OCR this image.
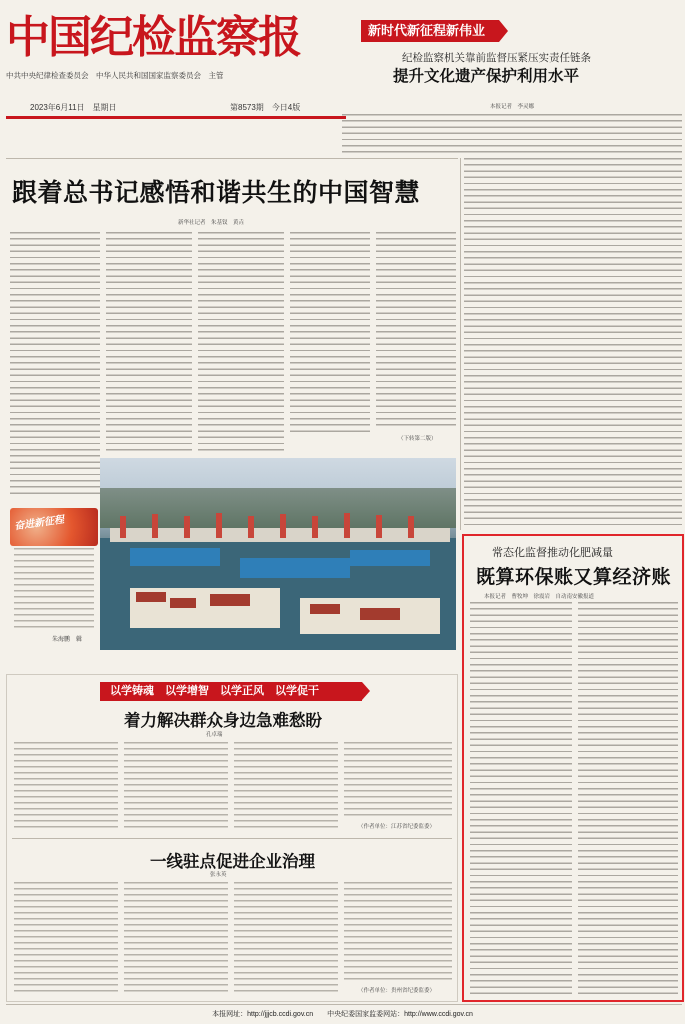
中国纪检监察报
中共中央纪律检查委员会　中华人民共和国国家监察委员会　主管
2023年6月11日　星期日	第8573期　今日4版
新时代新征程新伟业
纪检监察机关靠前监督压紧压实责任链条
提升文化遗产保护利用水平
本报记者　李灵娜
跟着总书记感悟和谐共生的中国智慧
新华社记者　朱基钗　黄垚
（下转第二版）
奋进新征程
朱海鹏　辑
常态化监督推动化肥减量
既算环保账又算经济账
本报记者　曹牧坤　徐震岩　自动南安徽报道
以学铸魂　以学增智　以学正风　以学促干
着力解决群众身边急难愁盼
孔卓瑞
（作者单位：江苏省纪委监委）
一线驻点促进企业治理
张永英
（作者单位：贵州省纪委监委）
本报网址：http://jjjcb.ccdi.gov.cn　　中央纪委国家监委网站：http://www.ccdi.gov.cn
